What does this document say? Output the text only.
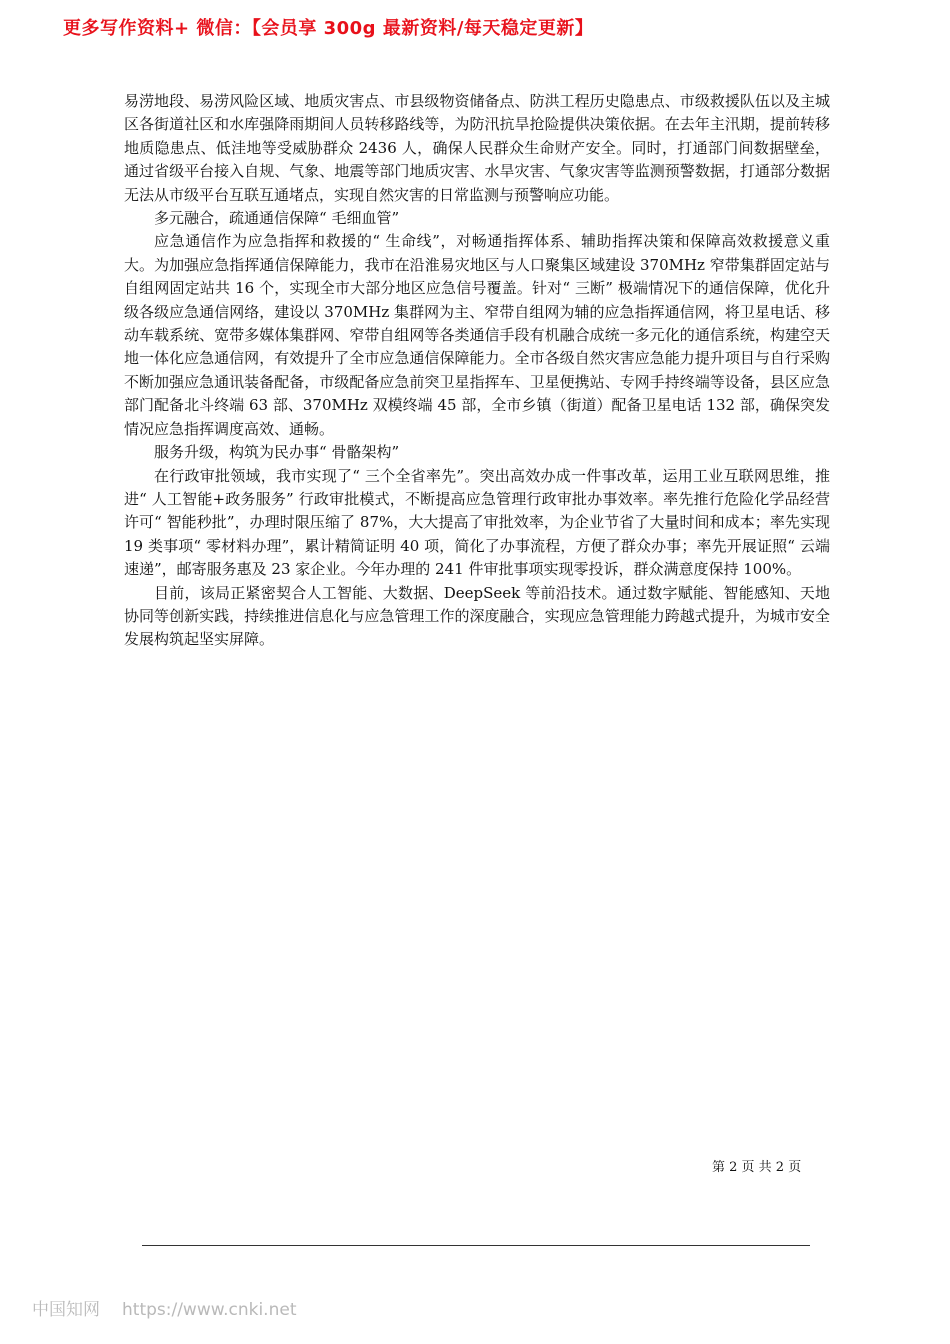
更多写作资料+ 微信：【会员享 300g 最新资料/每天稳定更新】

易涝地段、易涝风险区域、地质灾害点、市县级物资储备点、防洪工程历史隐患点、市级救援队伍以及主城区各街道社区和水库强降雨期间人员转移路线等，为防汛抗旱抢险提供决策依据。在去年主汛期，提前转移地质隐患点、低洼地等受威胁群众 2436 人，确保人民群众生命财产安全。同时，打通部门间数据壁垒，通过省级平台接入自规、气象、地震等部门地质灾害、水旱灾害、气象灾害等监测预警数据，打通部分数据无法从市级平台互联互通堵点，实现自然灾害的日常监测与预警响应功能。

多元融合，疏通通信保障“ 毛细血管”

应急通信作为应急指挥和救援的“ 生命线”，对畅通指挥体系、辅助指挥决策和保障高效救援意义重大。为加强应急指挥通信保障能力，我市在沿淮易灾地区与人口聚集区域建设 370MHz 窄带集群固定站与自组网固定站共 16 个，实现全市大部分地区应急信号覆盖。针对“ 三断” 极端情况下的通信保障，优化升级各级应急通信网络，建设以 370MHz 集群网为主、窄带自组网为辅的应急指挥通信网，将卫星电话、移动车载系统、宽带多媒体集群网、窄带自组网等各类通信手段有机融合成统一多元化的通信系统，构建空天地一体化应急通信网，有效提升了全市应急通信保障能力。全市各级自然灾害应急能力提升项目与自行采购不断加强应急通讯装备配备，市级配备应急前突卫星指挥车、卫星便携站、专网手持终端等设备，县区应急部门配备北斗终端 63 部、370MHz 双模终端 45 部，全市乡镇（街道）配备卫星电话 132 部，确保突发情况应急指挥调度高效、通畅。

服务升级，构筑为民办事“ 骨骼架构”

在行政审批领域，我市实现了“ 三个全省率先”。突出高效办成一件事改革，运用工业互联网思维，推进“ 人工智能+政务服务” 行政审批模式，不断提高应急管理行政审批办事效率。率先推行危险化学品经营许可“ 智能秒批”，办理时限压缩了 87%，大大提高了审批效率，为企业节省了大量时间和成本；率先实现 19 类事项“ 零材料办理”，累计精简证明 40 项，简化了办事流程，方便了群众办事；率先开展证照“ 云端速递”，邮寄服务惠及 23 家企业。今年办理的 241 件审批事项实现零投诉，群众满意度保持 100%。

目前，该局正紧密契合人工智能、大数据、DeepSeek 等前沿技术。通过数字赋能、智能感知、天地协同等创新实践，持续推进信息化与应急管理工作的深度融合，实现应急管理能力跨越式提升，为城市安全发展构筑起坚实屏障。

第 2 页 共 2 页
中国知网 https://www.cnki.net
